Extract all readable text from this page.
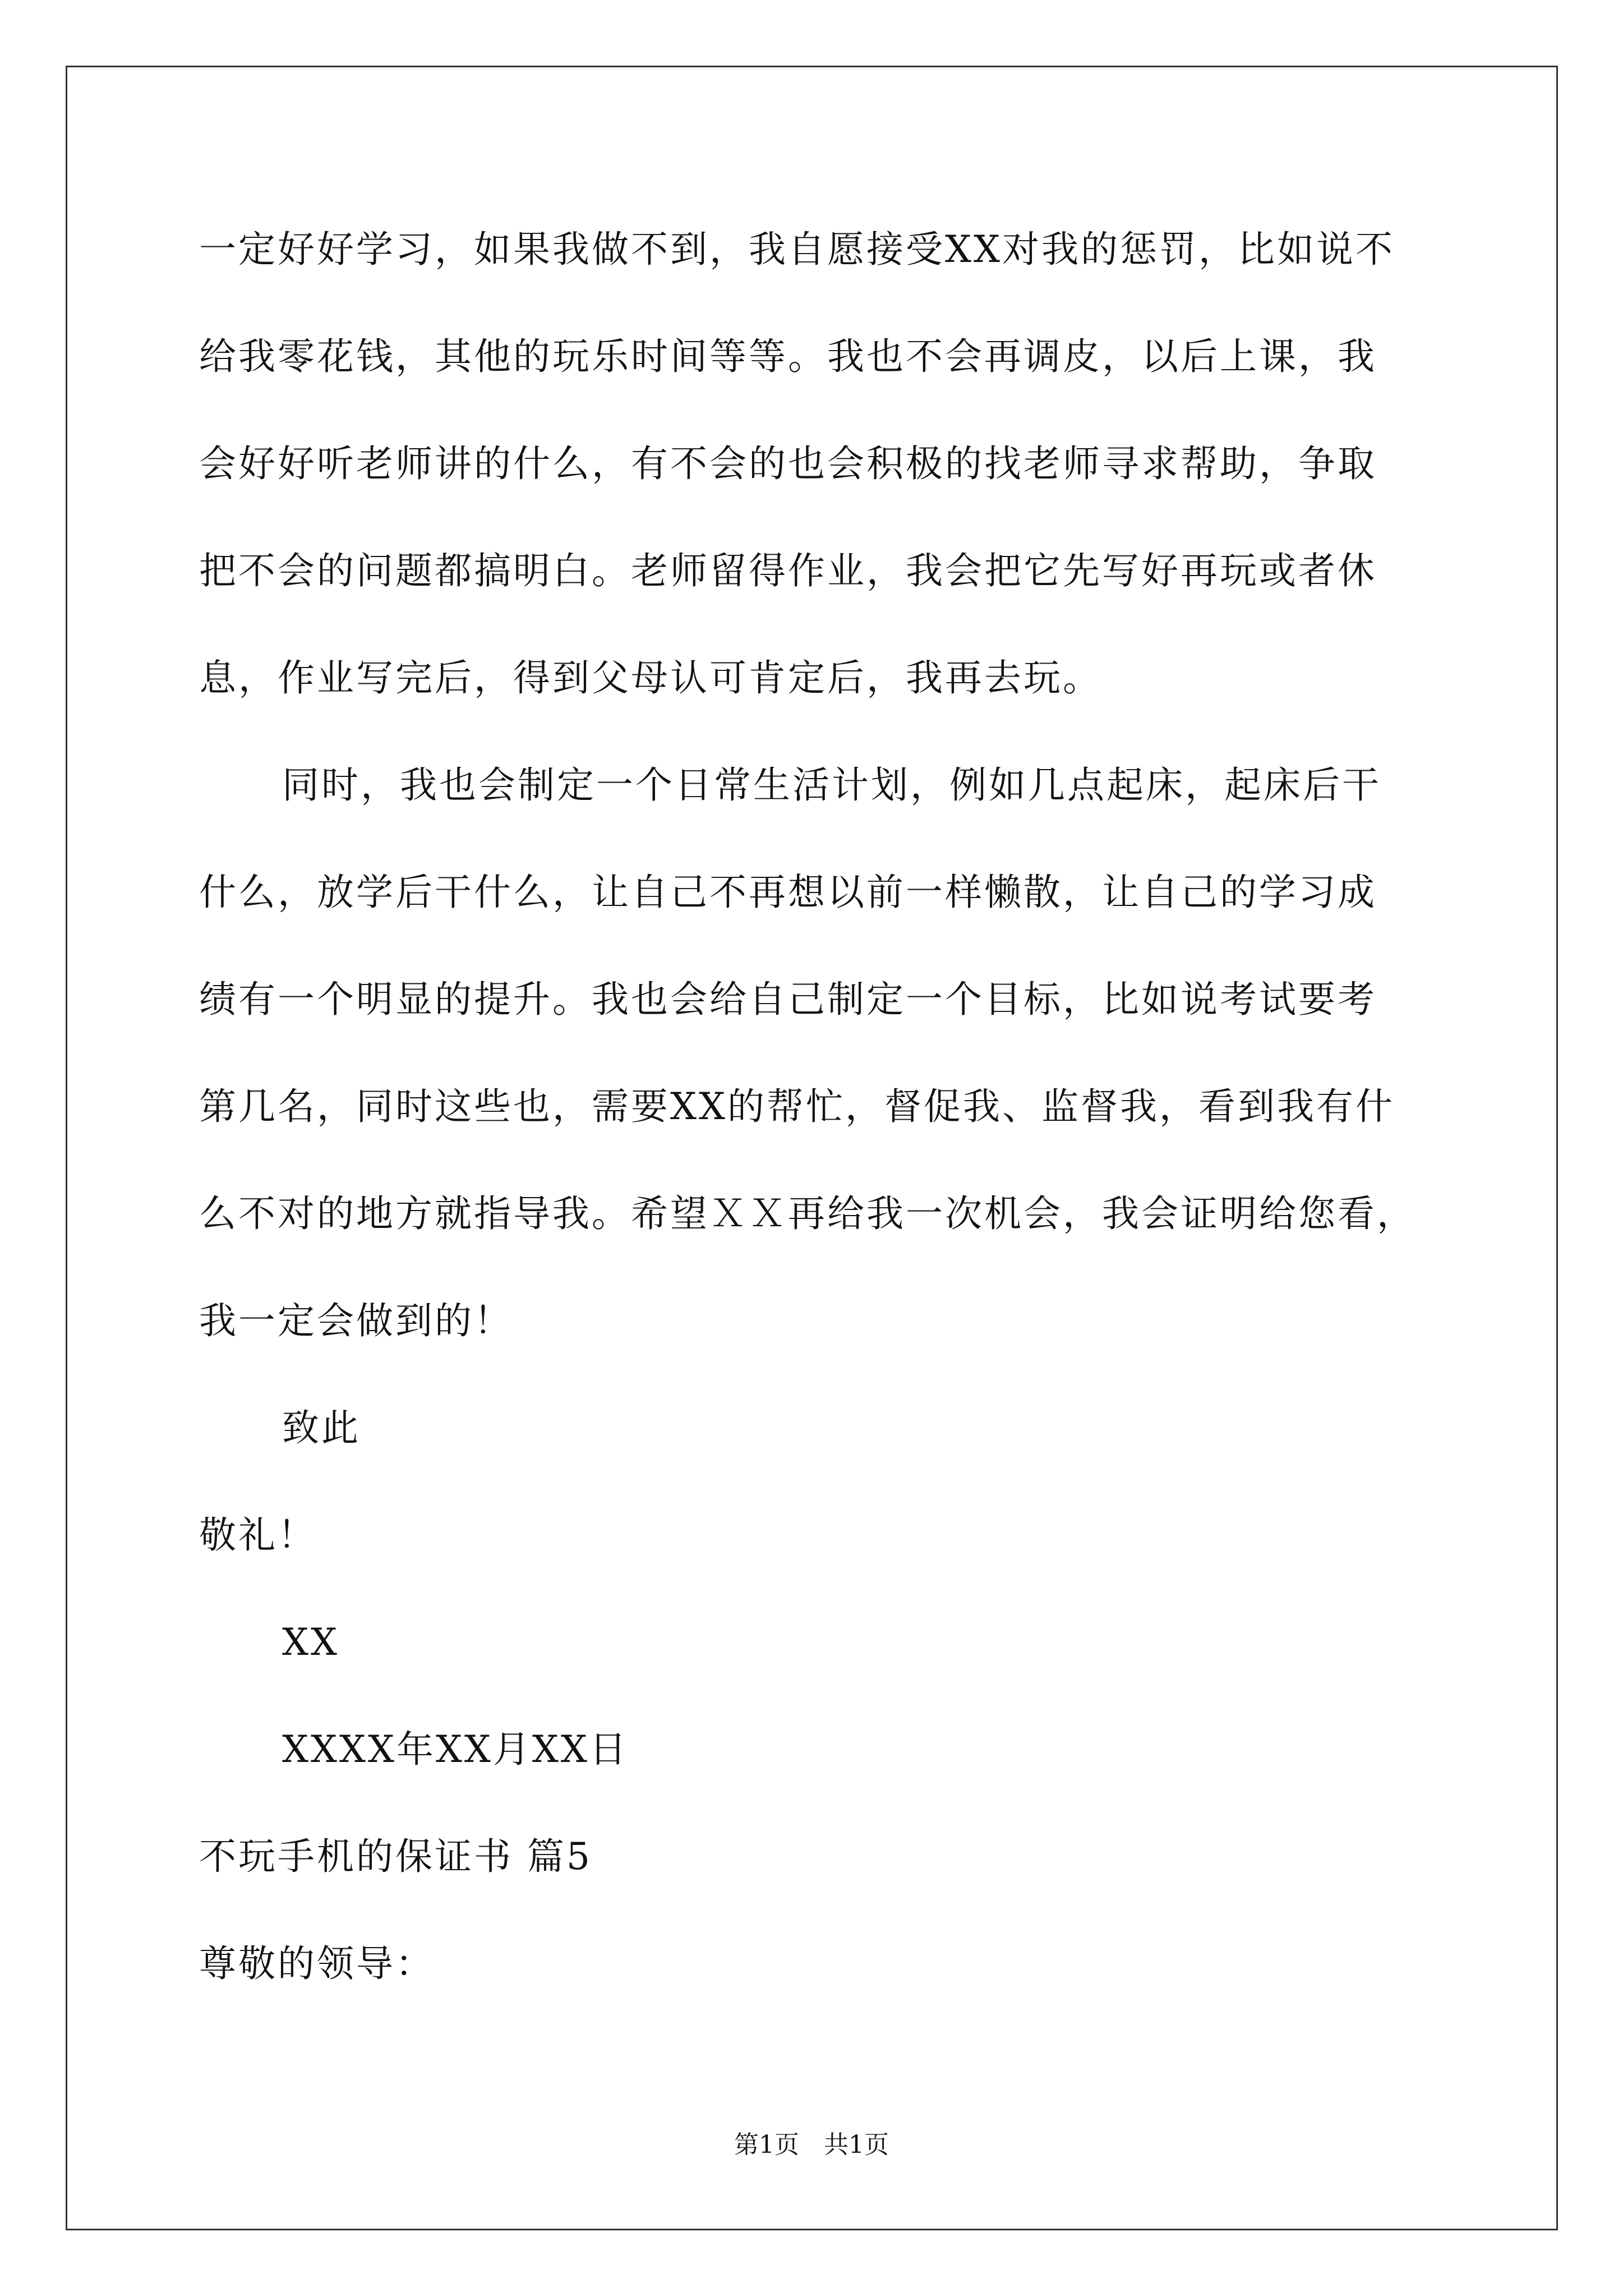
一定好好学习，如果我做不到，我自愿接受XX对我的惩罚，比如说不
给我零花钱，其他的玩乐时间等等。我也不会再调皮，以后上课，我
会好好听老师讲的什么，有不会的也会积极的找老师寻求帮助，争取
把不会的问题都搞明白。老师留得作业，我会把它先写好再玩或者休
息，作业写完后，得到父母认可肯定后，我再去玩。
同时，我也会制定一个日常生活计划，例如几点起床，起床后干
什么，放学后干什么，让自己不再想以前一样懒散，让自己的学习成
绩有一个明显的提升。我也会给自己制定一个目标，比如说考试要考
第几名，同时这些也，需要XX的帮忙，督促我、监督我，看到我有什
么不对的地方就指导我。希望ＸＸ再给我一次机会，我会证明给您看，
我一定会做到的！
致此
敬礼！
XX
XXXX年XX月XX日
不玩手机的保证书 篇5
尊敬的领导：
第1页　共1页
